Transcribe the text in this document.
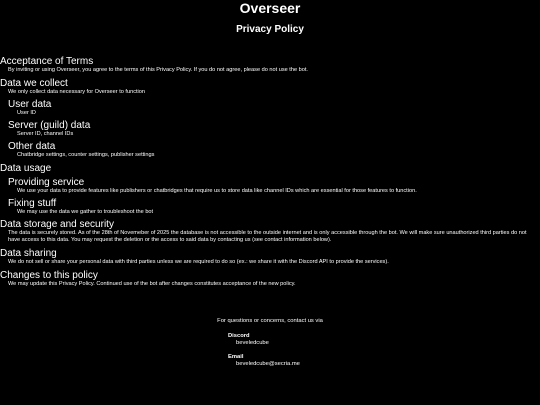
Overseer
Privacy Policy
Acceptance of Terms
By inviting or using Overseer, you agree to the terms of this Privacy Policy. If you do not agree, please do not use the bot.
Data we collect
We only collect data necessary for Overseer to function
User data
User ID
Server (guild) data
Server ID, channel IDs
Other data
Chatbridge settings, counter settings, publisher settings
Data usage
Providing service
We use your data to provide features like publishers or chatbridges that require us to store data like channel IDs which are essential for those features to function.
Fixing stuff
We may use the data we gather to troubleshoot the bot
Data storage and security
The data is securely stored. As of the 28th of Novemeber of 2025 the database is not accessible to the outside internet and is only accessible through the bot. We will make sure unauthorized third parties do not have access to this data. You may request the deletion or the access to said data by contacting us (see contact information below).
Data sharing
We do not sell or share your personal data with third parties unless we are required to do so (ex.: we share it with the Discord API to provide the services).
Changes to this policy
We may update this Privacy Policy. Continued use of the bot after changes constitutes acceptance of the new policy.
For questions or concerns, contact us via
Discord
beveledcube
Email
beveledcube@secria.me
